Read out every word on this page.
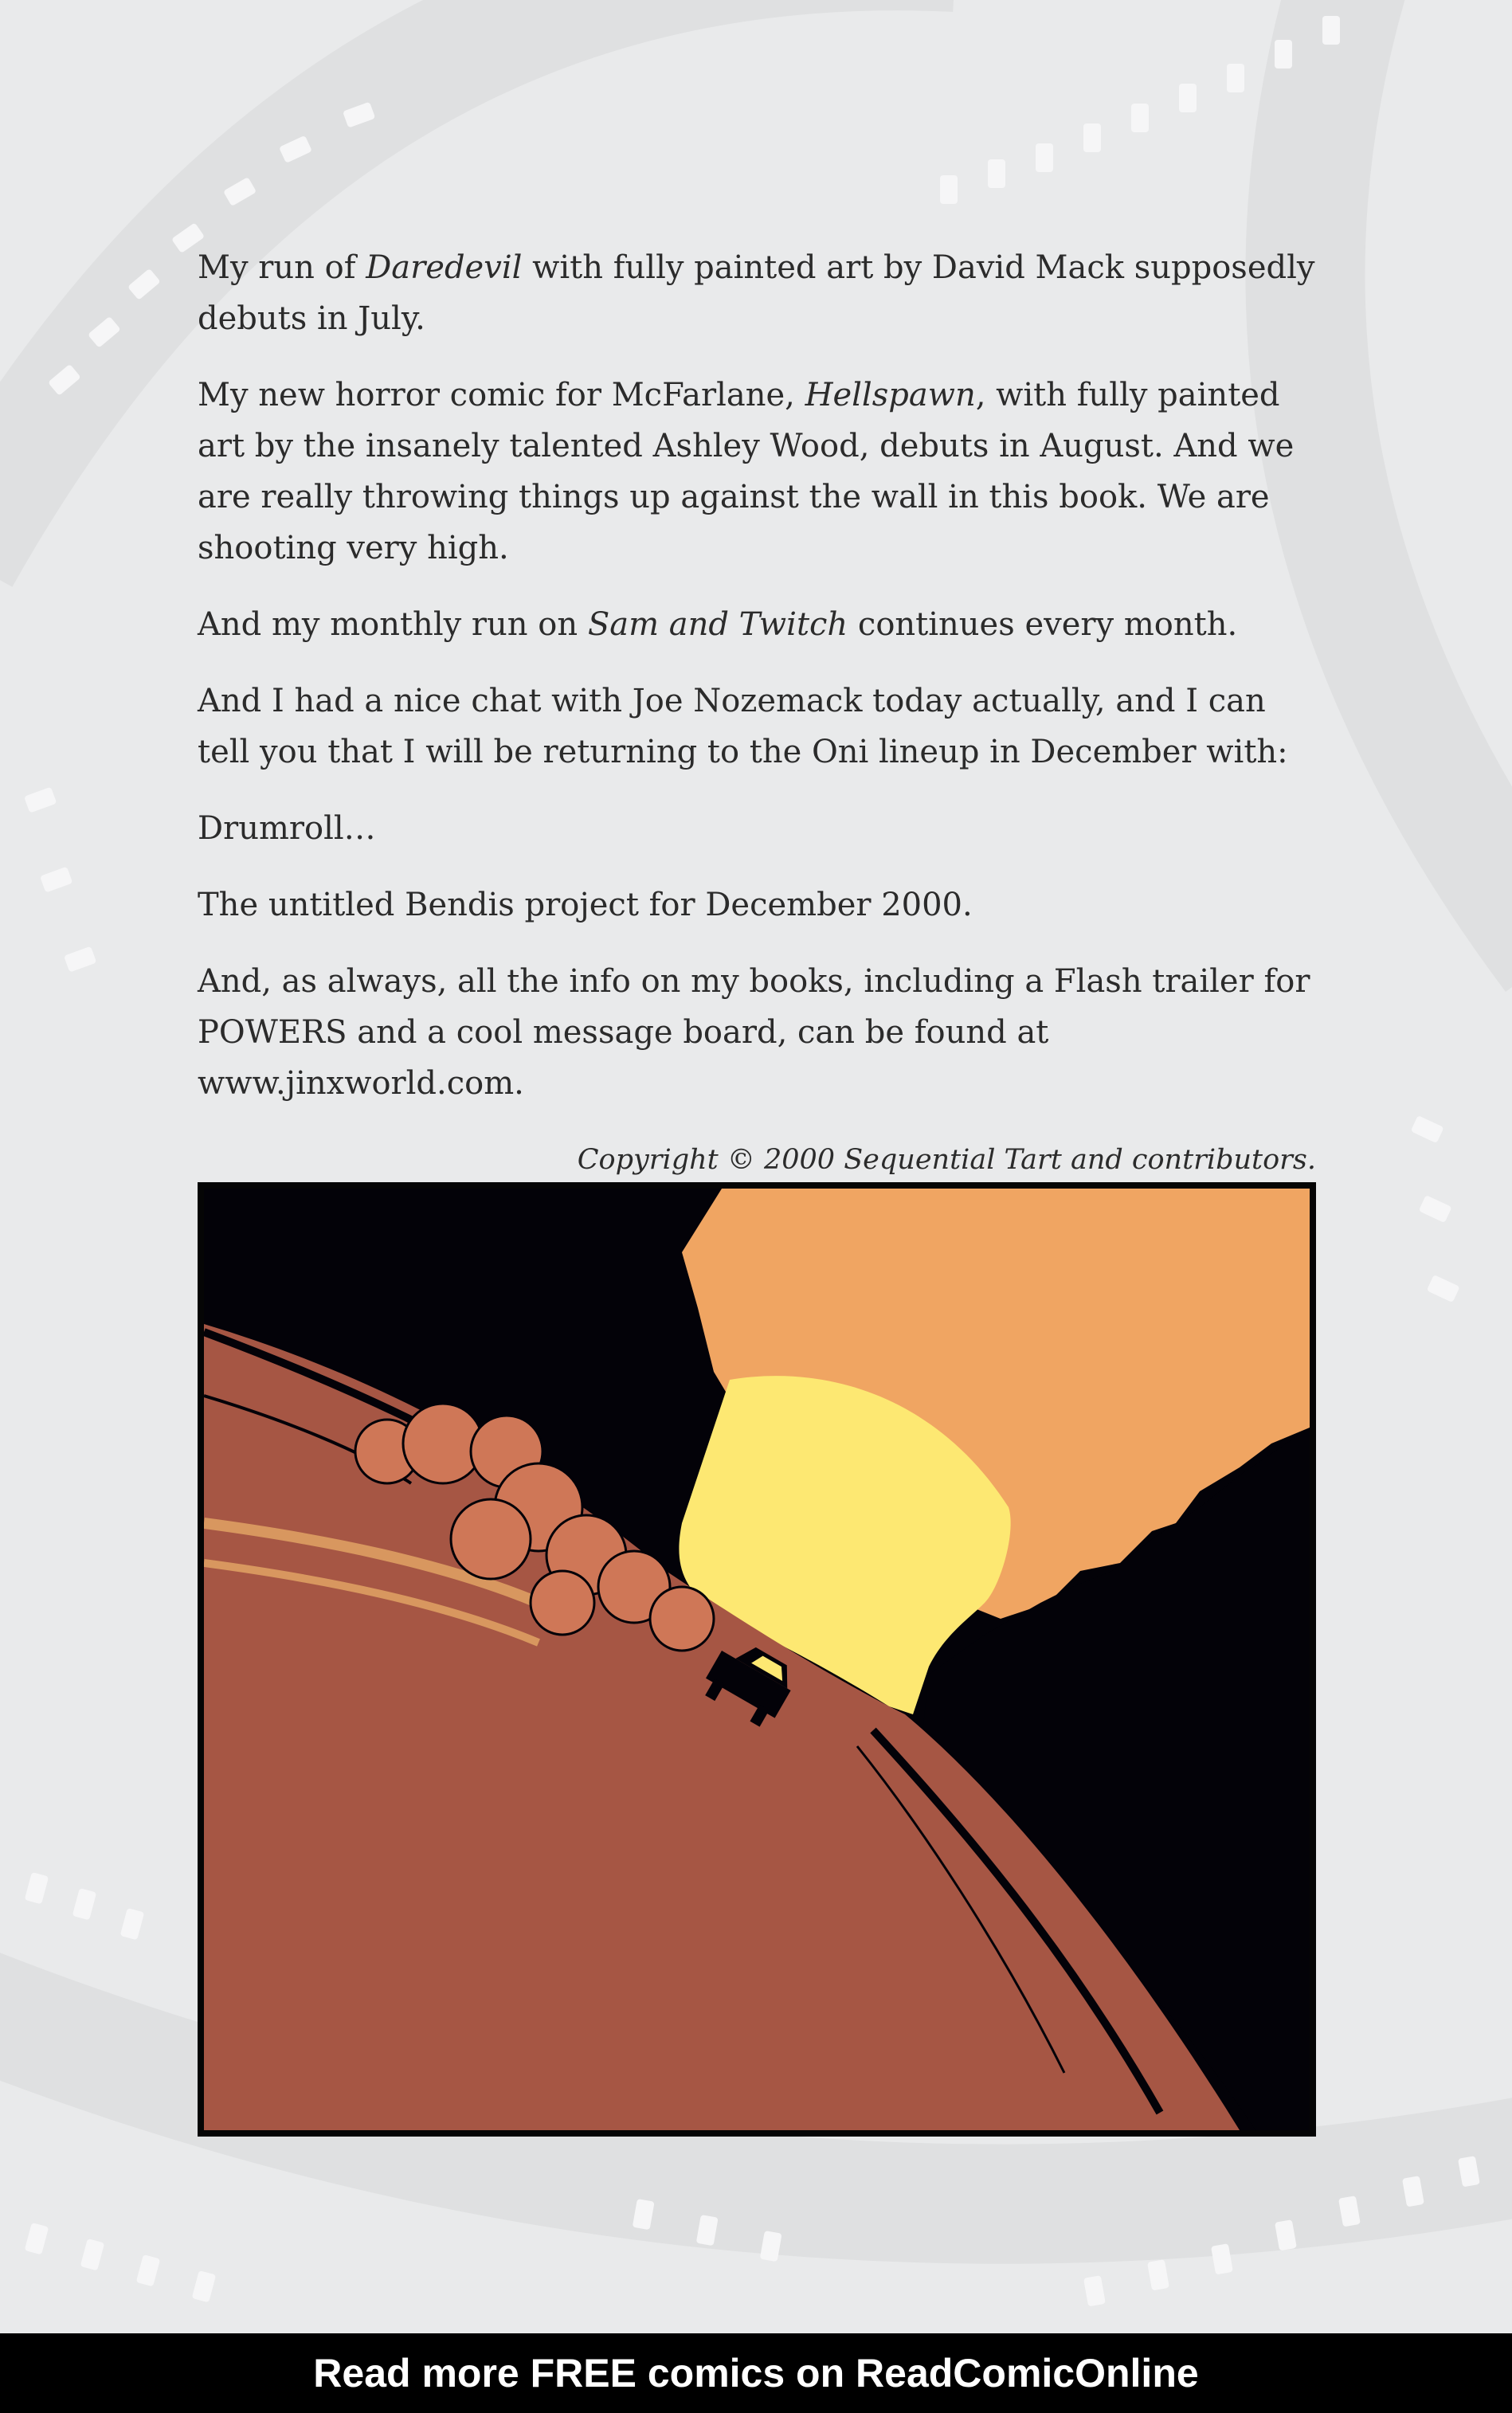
My run of Daredevil with fully painted art by David Mack supposedly debuts in July.

My new horror comic for McFarlane, Hellspawn, with fully painted art by the insanely talented Ashley Wood, debuts in August. And we are really throwing things up against the wall in this book. We are shooting very high.

And my monthly run on Sam and Twitch continues every month.

And I had a nice chat with Joe Nozemack today actually, and I can tell you that I will be returning to the Oni lineup in December with:

Drumroll…

The untitled Bendis project for December 2000.

And, as always, all the info on my books, including a Flash trailer for POWERS and a cool message board, can be found at www.jinxworld.com.

Copyright © 2000 Sequential Tart and contributors.

Read more FREE comics on ReadComicOnline
